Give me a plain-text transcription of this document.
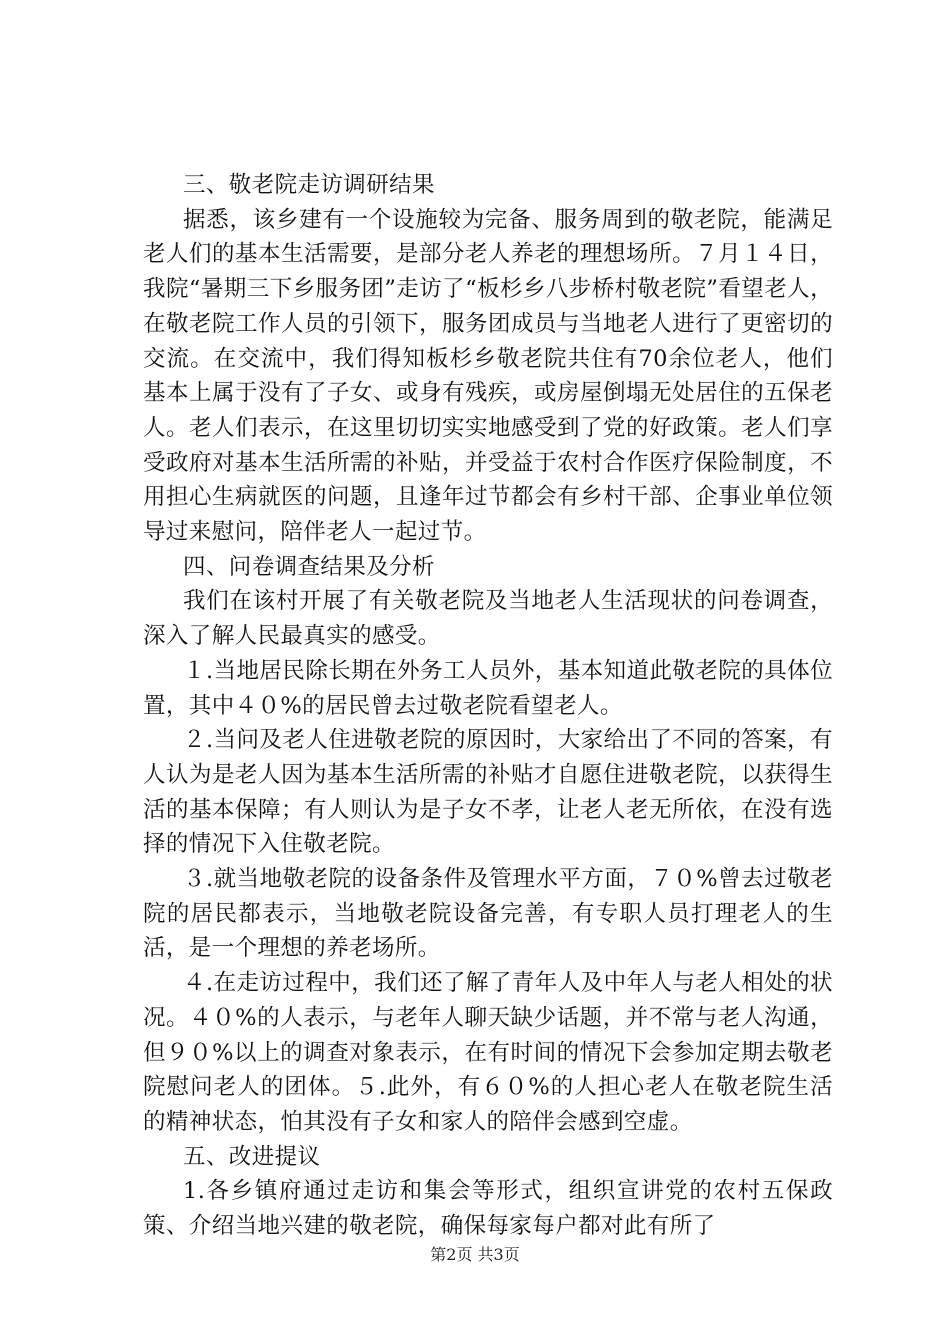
三、敬老院走访调研结果

据悉，该乡建有一个设施较为完备、服务周到的敬老院，能满足老人们的基本生活需要，是部分老人养老的理想场所。７月１４日，我院“暑期三下乡服务团”走访了“板杉乡八步桥村敬老院”看望老人，在敬老院工作人员的引领下，服务团成员与当地老人进行了更密切的交流。在交流中，我们得知板杉乡敬老院共住有70余位老人，他们基本上属于没有了子女、或身有残疾，或房屋倒塌无处居住的五保老人。老人们表示，在这里切切实实地感受到了党的好政策。老人们享受政府对基本生活所需的补贴，并受益于农村合作医疗保险制度，不用担心生病就医的问题，且逢年过节都会有乡村干部、企事业单位领导过来慰问，陪伴老人一起过节。

四、问卷调查结果及分析

我们在该村开展了有关敬老院及当地老人生活现状的问卷调查，深入了解人民最真实的感受。

１.当地居民除长期在外务工人员外，基本知道此敬老院的具体位置，其中４０%的居民曾去过敬老院看望老人。

２.当问及老人住进敬老院的原因时，大家给出了不同的答案，有人认为是老人因为基本生活所需的补贴才自愿住进敬老院，以获得生活的基本保障；有人则认为是子女不孝，让老人老无所依，在没有选择的情况下入住敬老院。

３.就当地敬老院的设备条件及管理水平方面，７０%曾去过敬老院的居民都表示，当地敬老院设备完善，有专职人员打理老人的生活，是一个理想的养老场所。

４.在走访过程中，我们还了解了青年人及中年人与老人相处的状况。４０%的人表示，与老年人聊天缺少话题，并不常与老人沟通，但９０%以上的调查对象表示，在有时间的情况下会参加定期去敬老院慰问老人的团体。５.此外，有６０%的人担心老人在敬老院生活的精神状态，怕其没有子女和家人的陪伴会感到空虚。

五、改进提议

1.各乡镇府通过走访和集会等形式，组织宣讲党的农村五保政策、介绍当地兴建的敬老院，确保每家每户都对此有所了

第2页 共3页
